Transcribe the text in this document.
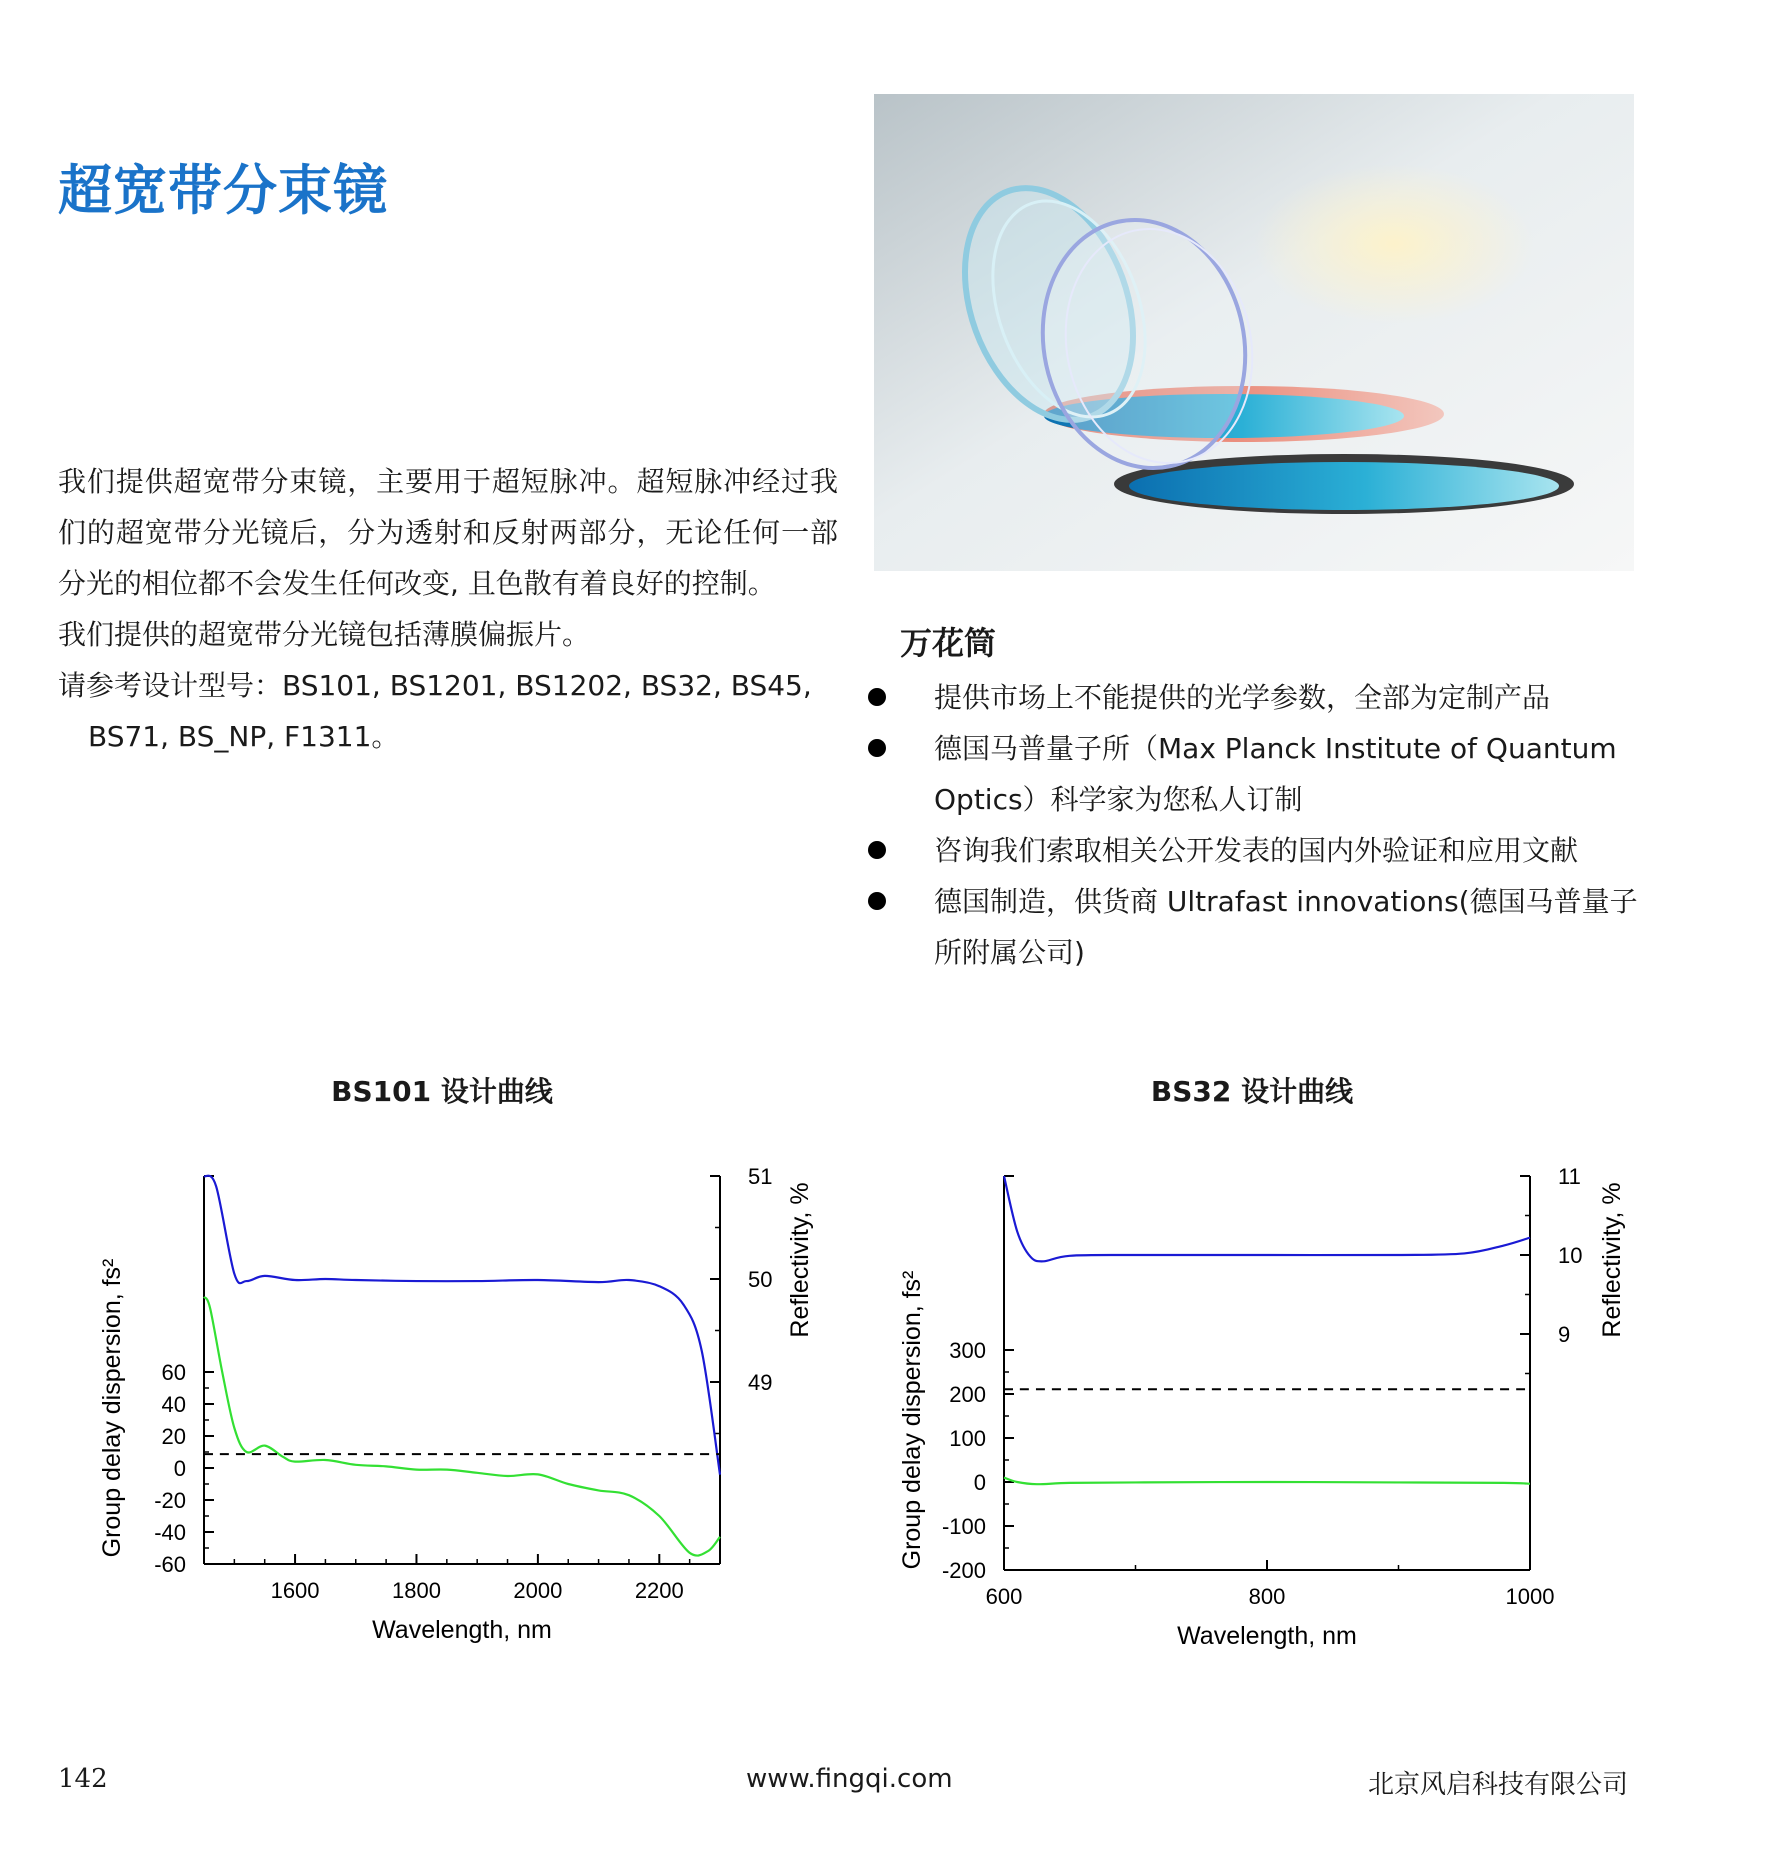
超宽带分束镜

我们提供超宽带分束镜，主要用于超短脉冲。超短脉冲经过我们的超宽带分光镜后，分为透射和反射两部分，无论任何一部分光的相位都不会发生任何改变, 且色散有着良好的控制。

我们提供的超宽带分光镜包括薄膜偏振片。

请参考设计型号：BS101, BS1201, BS1202, BS32, BS45,

BS71, BS_NP, F1311。

万花筒
提供市场上不能提供的光学参数，全部为定制产品
德国马普量子所（Max Planck Institute of Quantum Optics）科学家为您私人订制
咨询我们索取相关公开发表的国内外验证和应用文献
德国制造，供货商 Ultrafast innovations(德国马普量子所附属公司)
BS101 设计曲线	BS32 设计曲线
1600	1800	2000	2200
60
40
20
0
-20
-40
-60
51
50
49
Wavelength, nm
Group delay dispersion, fs²	Reflectivity, %
600	800	1000
300
200
100
0
-100
-200
11
10
9
Wavelength, nm
Group delay dispersion, fs²
Reflectivity, %
142	www.fingqi.com	北京风启科技有限公司
